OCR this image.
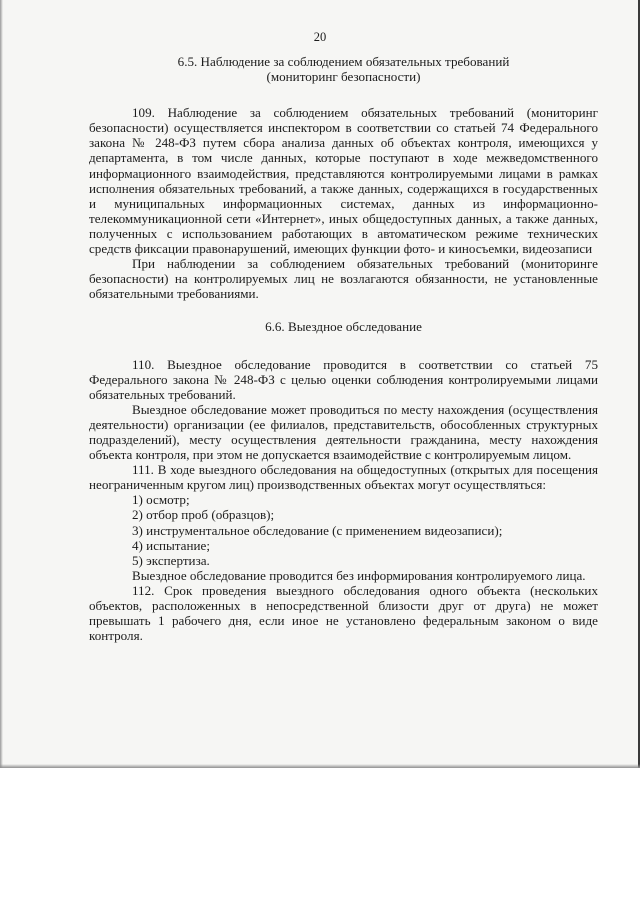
20
6.5. Наблюдение за соблюдением обязательных требований
(мониторинг безопасности)

109. Наблюдение за соблюдением обязательных требований (мониторинг безопасности) осуществляется инспектором в соответствии со статьей 74 Федерального закона № 248-ФЗ путем сбора анализа данных об объектах контроля, имеющихся у департамента, в том числе данных, которые поступают в ходе межведомственного информационного взаимодействия, представляются контролируемыми лицами в рамках исполнения обязательных требований, а также данных, содержащихся в государственных и муниципальных информационных системах, данных из информационно-телекоммуникационной сети «Интернет», иных общедоступных данных, а также данных, полученных с использованием работающих в автоматическом режиме технических средств фиксации правонарушений, имеющих функции фото- и киносъемки, видеозаписи

При наблюдении за соблюдением обязательных требований (мониторинге безопасности) на контролируемых лиц не возлагаются обязанности, не установленные обязательными требованиями.

6.6. Выездное обследование

110. Выездное обследование проводится в соответствии со статьей 75 Федерального закона № 248-ФЗ с целью оценки соблюдения контролируемыми лицами обязательных требований.

Выездное обследование может проводиться по месту нахождения (осуществления деятельности) организации (ее филиалов, представительств, обособленных структурных подразделений), месту осуществления деятельности гражданина, месту нахождения объекта контроля, при этом не допускается взаимодействие с контролируемым лицом.

111. В ходе выездного обследования на общедоступных (открытых для посещения неограниченным кругом лиц) производственных объектах могут осуществляться:

1) осмотр;

2) отбор проб (образцов);

3) инструментальное обследование (с применением видеозаписи);

4) испытание;

5) экспертиза.

Выездное обследование проводится без информирования контролируемого лица.

112. Срок проведения выездного обследования одного объекта (нескольких объектов, расположенных в непосредственной близости друг от друга) не может превышать 1 рабочего дня, если иное не установлено федеральным законом о виде контроля.
